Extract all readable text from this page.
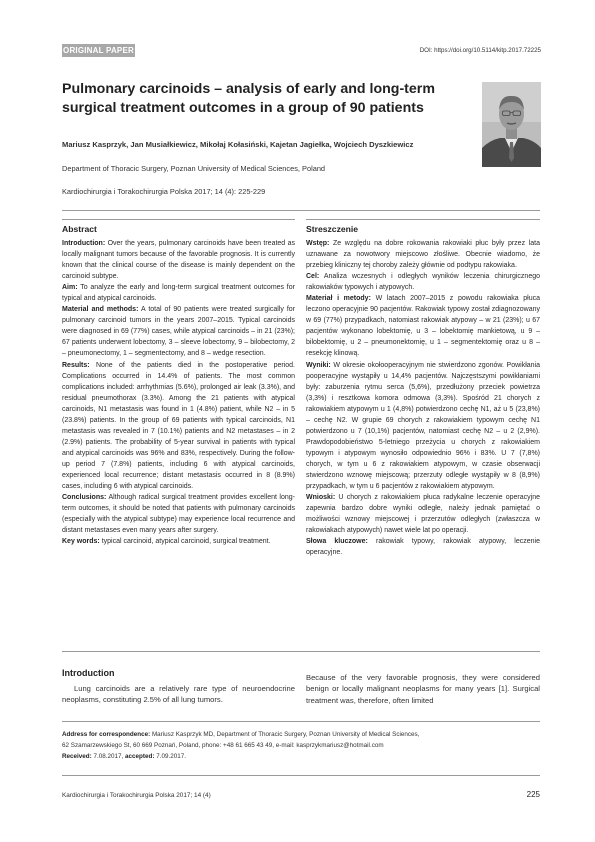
ORIGINAL PAPER	DOI: https://doi.org/10.5114/kitp.2017.72225
Pulmonary carcinoids – analysis of early and long-term surgical treatment outcomes in a group of 90 patients
Mariusz Kasprzyk, Jan Musiałkiewicz, Mikołaj Kołasiński, Kajetan Jagiełka, Wojciech Dyszkiewicz
Department of Thoracic Surgery, Poznan University of Medical Sciences, Poland
Kardiochirurgia i Torakochirurgia Polska 2017; 14 (4): 225-229
Abstract

Introduction: Over the years, pulmonary carcinoids have been treated as locally malignant tumors because of the favorable prognosis. It is currently known that the clinical course of the disease is mainly dependent on the carcinoid subtype.

Aim: To analyze the early and long-term surgical treatment outcomes for typical and atypical carcinoids.

Material and methods: A total of 90 patients were treated surgically for pulmonary carcinoid tumors in the years 2007–2015. Typical carcinoids were diagnosed in 69 (77%) cases, while atypical carcinoids – in 21 (23%); 67 patients underwent lobectomy, 3 – sleeve lobectomy, 9 – bilobectomy, 2 – pneumonectomy, 1 – segmentectomy, and 8 – wedge resection.

Results: None of the patients died in the postoperative period. Complications occurred in 14.4% of patients. The most common complications included: arrhythmias (5.6%), prolonged air leak (3.3%), and residual pneumothorax (3.3%). Among the 21 patients with atypical carcinoids, N1 metastasis was found in 1 (4.8%) patient, while N2 – in 5 (23.8%) patients. In the group of 69 patients with typical carcinoids, N1 metastasis was revealed in 7 (10.1%) patients and N2 metastases – in 2 (2.9%) patients. The probability of 5-year survival in patients with typical and atypical carcinoids was 96% and 83%, respectively. During the follow-up period 7 (7.8%) patients, including 6 with atypical carcinoids, experienced local recurrence; distant metastasis occurred in 8 (8.9%) cases, including 6 with atypical carcinoids.

Conclusions: Although radical surgical treatment provides excellent long-term outcomes, it should be noted that patients with pulmonary carcinoids (especially with the atypical subtype) may experience local recurrence and distant metastases even many years after surgery.

Key words: typical carcinoid, atypical carcinoid, surgical treatment.

Streszczenie

Wstęp: Ze względu na dobre rokowania rakowiaki płuc były przez lata uznawane za nowotwory miejscowo złośliwe. Obecnie wiadomo, że przebieg kliniczny tej choroby zależy głównie od podtypu rakowiaka.

Cel: Analiza wczesnych i odległych wyników leczenia chirurgicznego rakowiaków typowych i atypowych.

Materiał i metody: W latach 2007–2015 z powodu rakowiaka płuca leczono operacyjnie 90 pacjentów. Rakowiak typowy został zdiagnozowany w 69 (77%) przypadkach, natomiast rakowiak atypowy – w 21 (23%); u 67 pacjentów wykonano lobektomię, u 3 – lobektomię mankietową, u 9 – bilobektomię, u 2 – pneumonektomię, u 1 – segmentektomię oraz u 8 – resekcję klinową.

Wyniki: W okresie okołooperacyjnym nie stwierdzono zgonów. Powikłania pooperacyjne wystąpiły u 14,4% pacjentów. Najczęstszymi powikłaniami były: zaburzenia rytmu serca (5,6%), przedłużony przeciek powietrza (3,3%) i resztkowa komora odmowa (3,3%). Spośród 21 chorych z rakowiakiem atypowym u 1 (4,8%) potwierdzono cechę N1, aż u 5 (23,8%) – cechę N2. W grupie 69 chorych z rakowiakiem typowym cechę N1 potwierdzono u 7 (10,1%) pacjentów, natomiast cechę N2 – u 2 (2,9%). Prawdopodobieństwo 5-letniego przeżycia u chorych z rakowiakiem typowym i atypowym wynosiło odpowiednio 96% i 83%. U 7 (7,8%) chorych, w tym u 6 z rakowiakiem atypowym, w czasie obserwacji stwierdzono wznowę miejscową; przerzuty odległe wystąpiły w 8 (8,9%) przypadkach, w tym u 6 pacjentów z rakowiakiem atypowym.

Wnioski: U chorych z rakowiakiem płuca radykalne leczenie operacyjne zapewnia bardzo dobre wyniki odległe, należy jednak pamiętać o możliwości wznowy miejscowej i przerzutów odległych (zwłaszcza w rakowiakach atypowych) nawet wiele lat po operacji.

Słowa kluczowe: rakowiak typowy, rakowiak atypowy, leczenie operacyjne.

Introduction
Lung carcinoids are a relatively rare type of neuroendocrine neoplasms, constituting 2.5% of all lung tumors.
Because of the very favorable prognosis, they were considered benign or locally malignant neoplasms for many years [1]. Surgical treatment was, therefore, often limited
Address for correspondence: Mariusz Kasprzyk MD, Department of Thoracic Surgery, Poznan University of Medical Sciences,
62 Szamarzewskiego St, 60 669 Poznań, Poland, phone: +48 61 665 43 49, e-mail: kasprzykmariusz@hotmail.com
Received: 7.08.2017, accepted: 7.09.2017.
Kardiochirurgia i Torakochirurgia Polska 2017; 14 (4)	225
